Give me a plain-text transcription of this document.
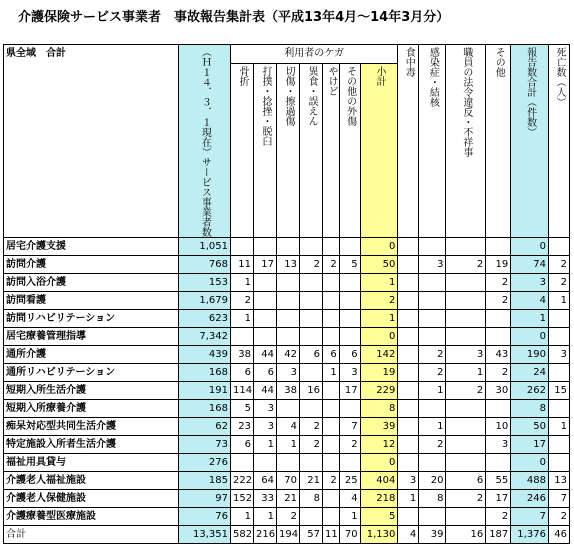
介護保険サービス事業者　事故報告集計表（平成13年4月～14年3月分）
県全域　合計	（Ｈ１４．３．１現在）サービス事業者数	利用者のケガ							食中毒	感染症・結核	職員の法令違反・不祥事	その他	報告数合計（件数）	死亡数（人）

		骨折	打撲・捻挫・脱臼	切傷・擦過傷	異食・誤えん	やけど	その他の外傷	小計						

居宅介護支援	1,051							0					0	
訪問介護	768	11	17	13	2	2	5	50		3	2	19	74	2
訪問入浴介護	153	1						1				2	3	2
訪問看護	1,679	2						2				2	4	1
訪問リハビリテーション	623	1						1					1	
居宅療養管理指導	7,342							0					0	
通所介護	439	38	44	42	6	6	6	142		2	3	43	190	3
通所リハビリテーション	168	6	6	3		1	3	19		2	1	2	24	
短期入所生活介護	191	114	44	38	16		17	229		1	2	30	262	15
短期入所療養介護	168	5	3					8					8	
痴呆対応型共同生活介護	62	23	3	4	2		7	39		1		10	50	1
特定施設入所者生活介護	73	6	1	1	2		2	12		2		3	17	
福祉用具貸与	276							0					0	
介護老人福祉施設	185	222	64	70	21	2	25	404	3	20	6	55	488	13
介護老人保健施設	97	152	33	21	8		4	218	1	8	2	17	246	7
介護療養型医療施設	76	1	1	2			1	5				2	7	2
合計	13,351	582	216	194	57	11	70	1,130	4	39	16	187	1,376	46
